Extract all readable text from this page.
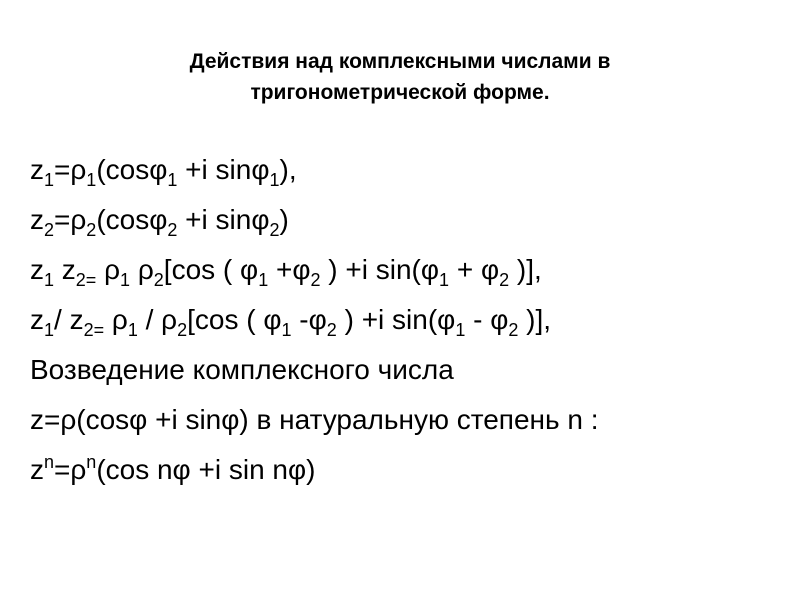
Действия над комплексными числами в
тригонометрической форме.
$z_1=\rho_1(\cos\varphi_1 +i$ sinφ$_1$),
$z_2=\rho_2(\cos\varphi_2 +i$ sinφ$_2$)
$z_1$ $z_{2=}$ $\rho_1$ $\rho_2[\cos$ ( $\varphi_1 +\varphi_2$ ) +i $\sin(\varphi_1 + \varphi_2$ )],
$z_1/$ $z_{2=}$ $\rho_1 / \rho_2[\cos$ ( $\varphi_1$ $-\varphi_2$ ) +i $\sin(\varphi_1 - \varphi_2$ )],
Возведение комплексного числа
z=ρ(cosφ +i sinφ) в натуральную степень n :
$z^n=\rho^n(\cos$ nφ +i sin nφ)
